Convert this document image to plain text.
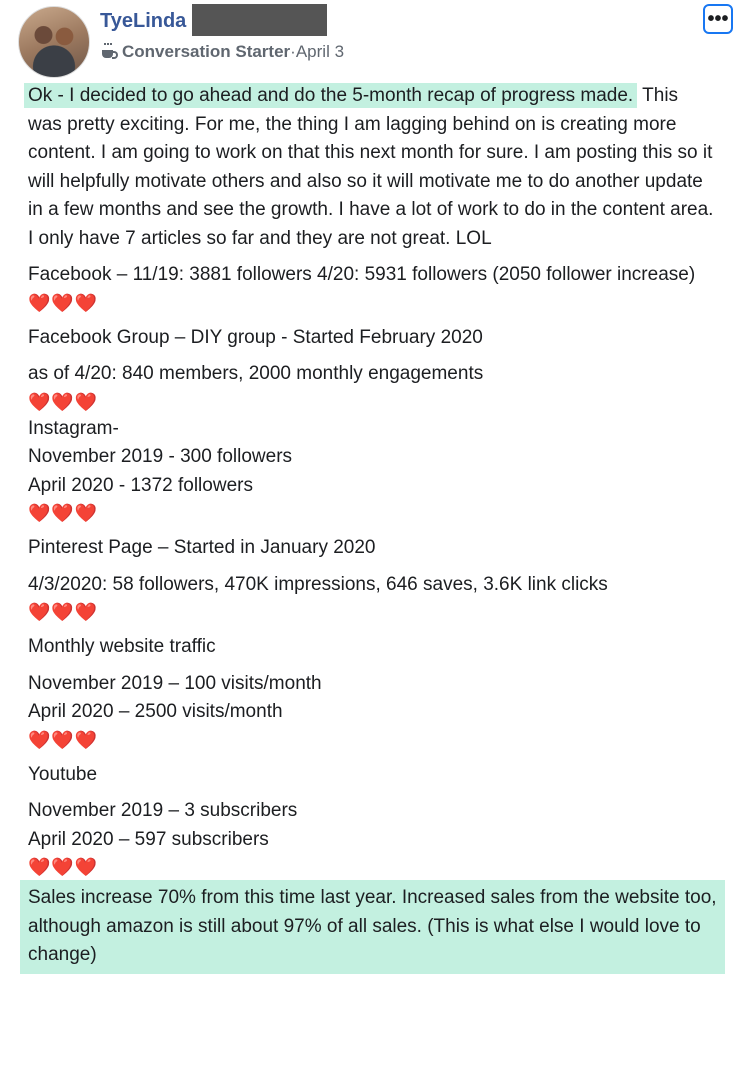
TyeLinda
Conversation Starter · April 3
•••

Ok - I decided to go ahead and do the 5-month recap of progress made. This was pretty exciting. For me, the thing I am lagging behind on is creating more content. I am going to work on that this next month for sure. I am posting this so it will helpfully motivate others and also so it will motivate me to do another update in a few months and see the growth. I have a lot of work to do in the content area. I only have 7 articles so far and they are not great. LOL

Facebook – 11/19: 3881 followers 4/20: 5931 followers (2050 follower increase)

❤️❤️❤️

Facebook Group – DIY group - Started February 2020

as of 4/20: 840 members, 2000 monthly engagements

❤️❤️❤️

Instagram-

November 2019 - 300 followers

April 2020 - 1372 followers

❤️❤️❤️

Pinterest Page – Started in January 2020

4/3/2020: 58 followers, 470K impressions, 646 saves, 3.6K link clicks

❤️❤️❤️

Monthly website traffic

November 2019 – 100 visits/month

April 2020 – 2500 visits/month

❤️❤️❤️

Youtube

November 2019 – 3 subscribers

April 2020 – 597 subscribers

❤️❤️❤️

Sales increase 70% from this time last year. Increased sales from the website too, although amazon is still about 97% of all sales. (This is what else I would love to change)
